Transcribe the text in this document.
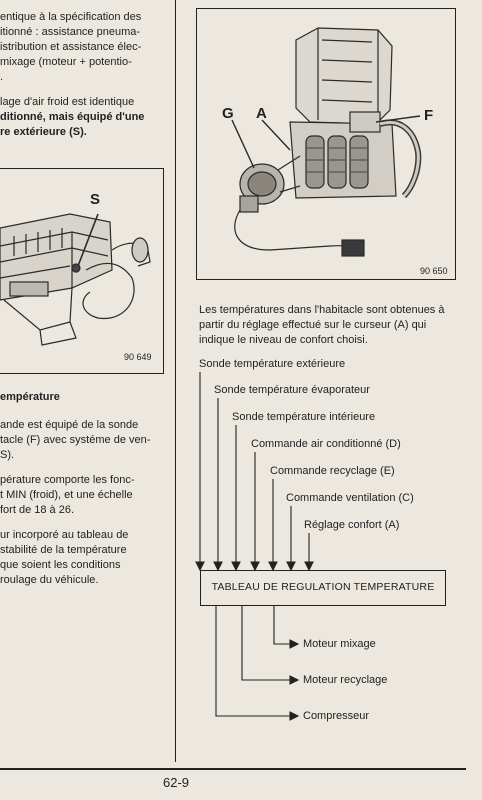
entique à la spécification des
itionné : assistance pneuma-
istribution et assistance élec-
mixage (moteur + potentio-
.
lage d'air froid est identique
ditionné, mais équipé d'une
re extérieure (S).
S
90 649
empérature
ande est équipé de la sonde
tacle (F) avec systéme de ven-
S).
pérature comporte les fonc-
t MIN (froid), et une échelle
fort de 18 à 26.
ur incorporé au tableau de
stabilité de la température
que soient les conditions
roulage du véhicule.
G A	F
90 650
Les températures dans l'habitacle sont obtenues à
partir du réglage effectué sur le curseur (A) qui
indique le niveau de confort choisi.
Sonde température extérieure
Sonde température évaporateur
Sonde température intérieure
Commande air conditionné (D)
Commande recyclage (E)
Commande ventilation (C)
Réglage confort (A)
TABLEAU DE REGULATION TEMPERATURE
Moteur mixage
Moteur recyclage
Compresseur
62-9
